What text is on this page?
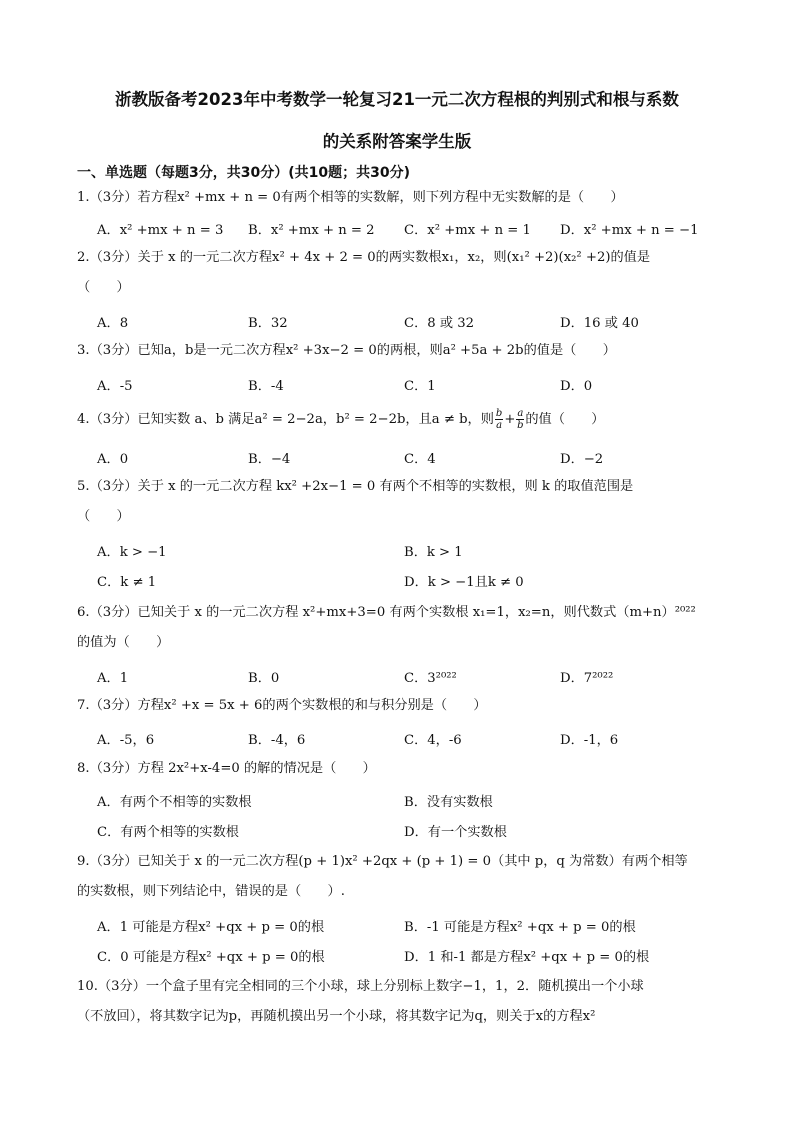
浙教版备考2023年中考数学一轮复习21一元二次方程根的判别式和根与系数
的关系附答案学生版
一、单选题（每题3分，共30分）(共10题；共30分)
1.（3分）若方程x² +mx + n = 0有两个相等的实数解，则下列方程中无实数解的是（　　）
A．x² +mx + n = 3 B．x² +mx + n = 2 C．x² +mx + n = 1 D．x² +mx + n = −1
2.（3分）关于 x 的一元二次方程x² + 4x + 2 = 0的两实数根x₁，x₂，则(x₁² +2)(x₂² +2)的值是
（　　）
A．8	B．32	C．8 或 32	D．16 或 40
3.（3分）已知a，b是一元二次方程x² +3x−2 = 0的两根，则a² +5a + 2b的值是（　　）
A．-5	B．-4	C．1	D．0
4.（3分）已知实数 a、b 满足a² = 2−2a，b² = 2−2b，且a ≠ b，则 $\frac{b}{a} + \frac{a}{b}$ 的值（　　）
A．0	B．−4	C．4	D．−2
5.（3分）关于 x 的一元二次方程 kx² +2x−1 = 0 有两个不相等的实数根，则 k 的取值范围是
（　　）
A．k > −1	B．k > 1
C．k ≠ 1	D．k > −1且k ≠ 0
6.（3分）已知关于 x 的一元二次方程 x²+mx+3=0 有两个实数根 x₁=1，x₂=n，则代数式（m+n）²⁰²²
的值为（　　）
A．1	B．0	C．3²⁰²²	D．7²⁰²²
7.（3分）方程x² +x = 5x + 6的两个实数根的和与积分别是（　　）
A．-5，6	B．-4，6	C．4，-6	D．-1，6
8.（3分）方程 2x²+x-4=0 的解的情况是（　　）
A．有两个不相等的实数根	B．没有实数根
C．有两个相等的实数根	D．有一个实数根
9.（3分）已知关于 x 的一元二次方程(p + 1)x² +2qx + (p + 1) = 0（其中 p，q 为常数）有两个相等
的实数根，则下列结论中，错误的是（　　）.
A．1 可能是方程x² +qx + p = 0的根	B．-1 可能是方程x² +qx + p = 0的根
C．0 可能是方程x² +qx + p = 0的根	D．1 和-1 都是方程x² +qx + p = 0的根
10.（3分）一个盒子里有完全相同的三个小球，球上分别标上数字−1，1，2．随机摸出一个小球
（不放回），将其数字记为p，再随机摸出另一个小球，将其数字记为q，则关于x的方程x²
